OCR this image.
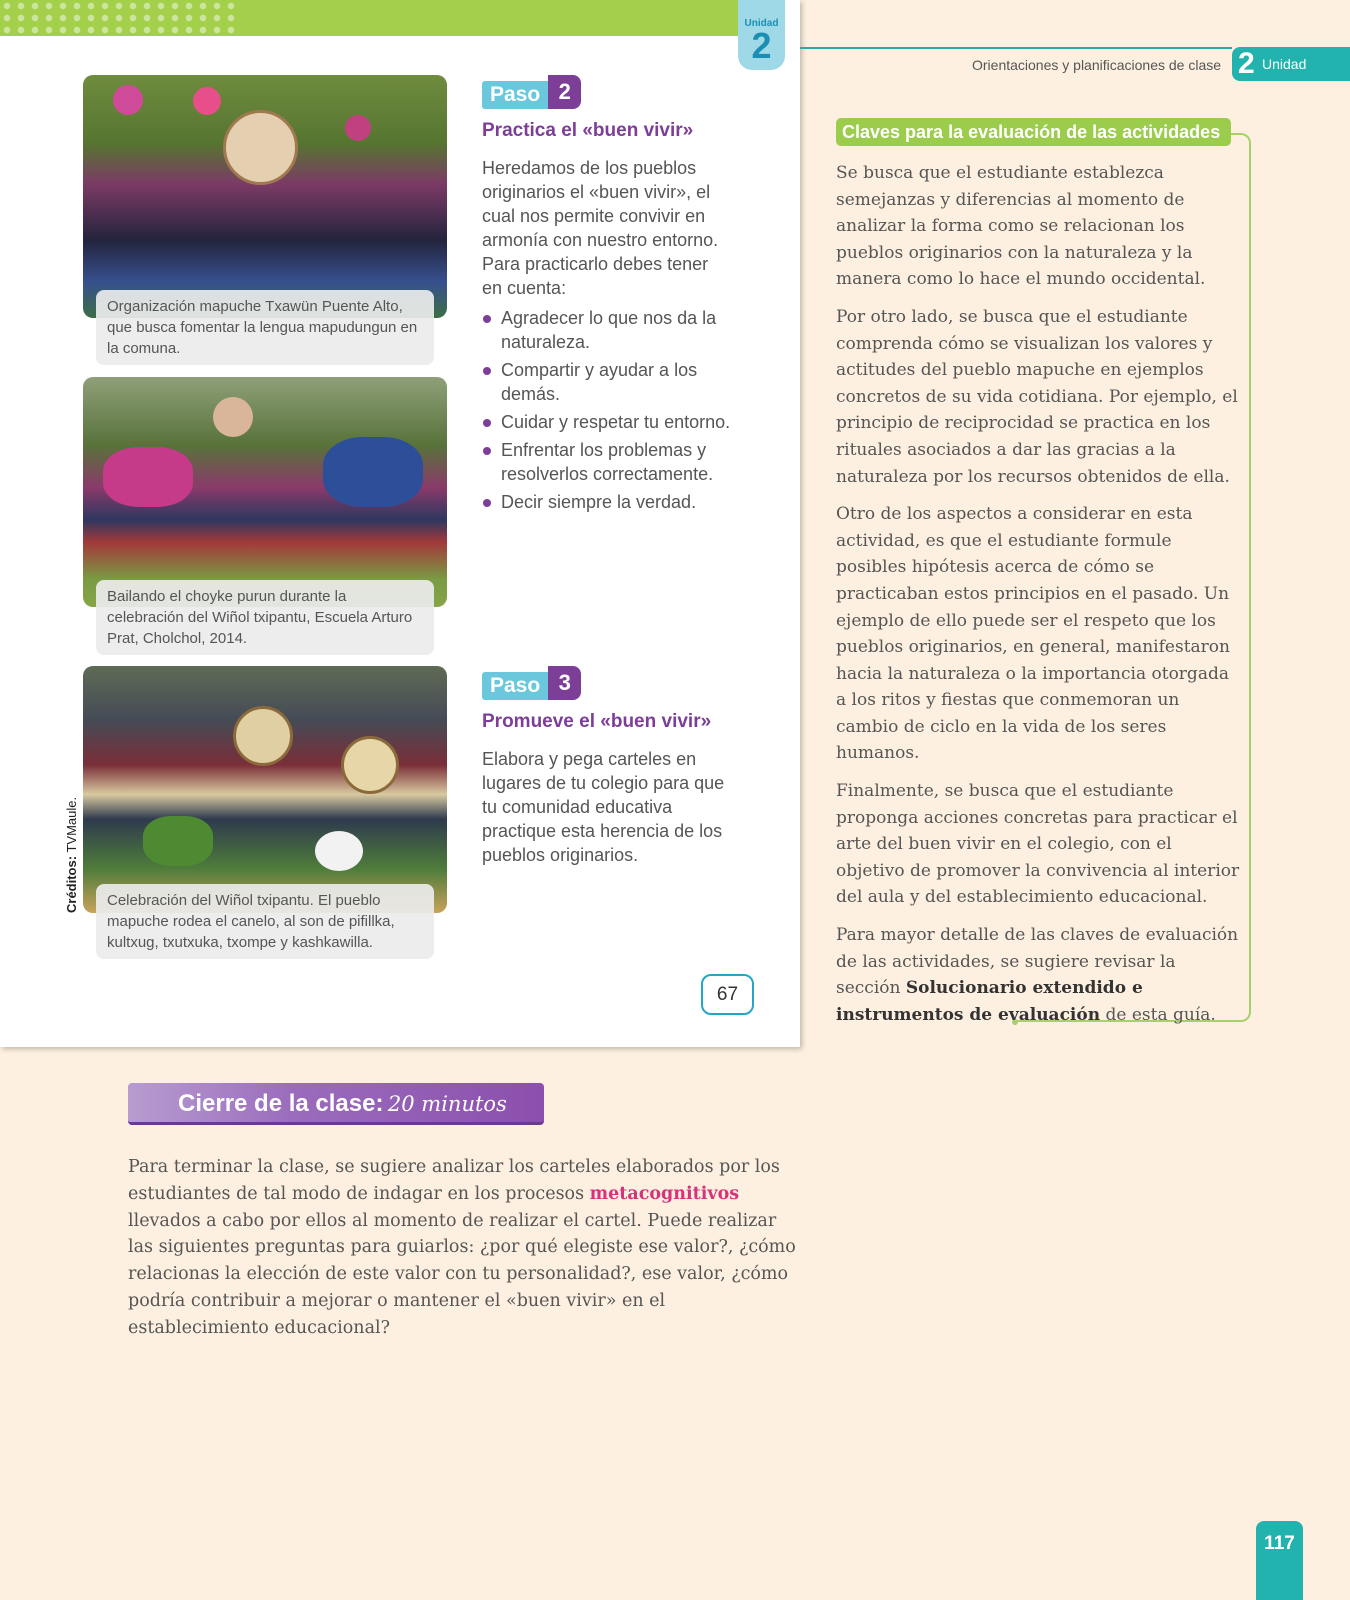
Unidad
2
Organización mapuche Txawün Puente Alto, que busca fomentar la lengua mapudungun en la comuna.
Bailando el choyke purun durante la celebración del Wiñol txipantu, Escuela Arturo Prat, Cholchol, 2014.
Celebración del Wiñol txipantu. El pueblo mapuche rodea el canelo, al son de pifillka, kultxug, txutxuka, txompe y kashkawilla.
Créditos: TVMaule.
Paso 2
Practica el «buen vivir»
Heredamos de los pueblos originarios el «buen vivir», el cual nos permite convivir en armonía con nuestro entorno. Para practicarlo debes tener en cuenta:
Agradecer lo que nos da la naturaleza.
Compartir y ayudar a los demás.
Cuidar y respetar tu entorno.
Enfrentar los problemas y resolverlos correctamente.
Decir siempre la verdad.
Paso 3
Promueve el «buen vivir»
Elabora y pega carteles en lugares de tu colegio para que tu comunidad educativa practique esta herencia de los pueblos originarios.
67
Orientaciones y planificaciones de clase 2 Unidad
Claves para la evaluación de las actividades

Se busca que el estudiante establezca semejanzas y diferencias al momento de analizar la forma como se relacionan los pueblos originarios con la naturaleza y la manera como lo hace el mundo occidental.

Por otro lado, se busca que el estudiante comprenda cómo se visualizan los valores y actitudes del pueblo mapuche en ejemplos concretos de su vida cotidiana. Por ejemplo, el principio de reciprocidad se practica en los rituales asociados a dar las gracias a la naturaleza por los recursos obtenidos de ella.

Otro de los aspectos a considerar en esta actividad, es que el estudiante formule posibles hipótesis acerca de cómo se practicaban estos principios en el pasado. Un ejemplo de ello puede ser el respeto que los pueblos originarios, en general, manifestaron hacia la naturaleza o la importancia otorgada a los ritos y fiestas que conmemoran un cambio de ciclo en la vida de los seres humanos.

Finalmente, se busca que el estudiante proponga acciones concretas para practicar el arte del buen vivir en el colegio, con el objetivo de promover la convivencia al interior del aula y del establecimiento educacional.

Para mayor detalle de las claves de evaluación de las actividades, se sugiere revisar la sección Solucionario extendido e instrumentos de evaluación de esta guía.

Cierre de la clase: 20 minutos
Para terminar la clase, se sugiere analizar los carteles elaborados por los estudiantes de tal modo de indagar en los procesos metacognitivos llevados a cabo por ellos al momento de realizar el cartel. Puede realizar las siguientes preguntas para guiarlos: ¿por qué elegiste ese valor?, ¿cómo relacionas la elección de este valor con tu personalidad?, ese valor, ¿cómo podría contribuir a mejorar o mantener el «buen vivir» en el establecimiento educacional?
117
